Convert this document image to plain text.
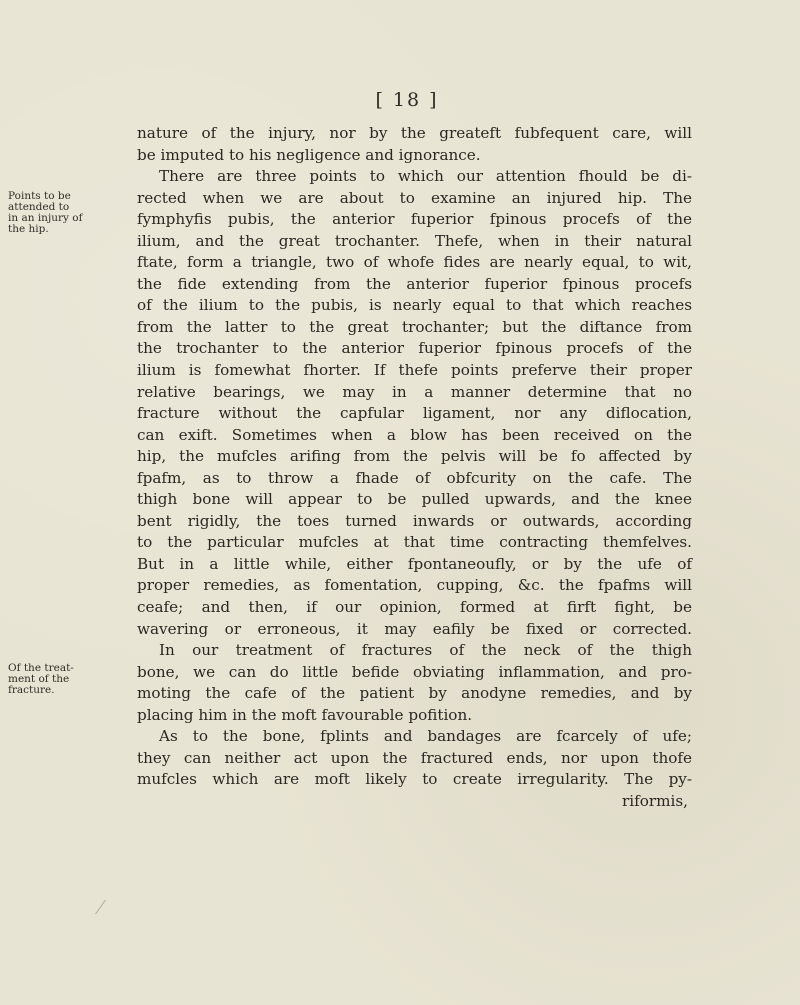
[ 18 ]
Points to be
attended to
in an injury of
the hip.
Of the treat-
ment of the
fracture.
nature of the injury, nor by the greateft fubfequent care, will
be imputed to his negligence and ignorance.
There are three points to which our attention fhould be di-
rected when we are about to examine an injured hip. The
fymphyfis pubis, the anterior fuperior fpinous procefs of the
ilium, and the great trochanter. Thefe, when in their natural
ftate, form a triangle, two of whofe fides are nearly equal, to wit,
the fide extending from the anterior fuperior fpinous procefs
of the ilium to the pubis, is nearly equal to that which reaches
from the latter to the great trochanter; but the diftance from
the trochanter to the anterior fuperior fpinous procefs of the
ilium is fomewhat fhorter. If thefe points preferve their proper
relative bearings, we may in a manner determine that no
fracture without the capfular ligament, nor any diflocation,
can exift. Sometimes when a blow has been received on the
hip, the mufcles arifing from the pelvis will be fo affected by
fpafm, as to throw a fhade of obfcurity on the cafe. The
thigh bone will appear to be pulled upwards, and the knee
bent rigidly, the toes turned inwards or outwards, according
to the particular mufcles at that time contracting themfelves.
But in a little while, either fpontaneoufly, or by the ufe of
proper remedies, as fomentation, cupping, &c. the fpafms will
ceafe; and then, if our opinion, formed at firft fight, be
wavering or erroneous, it may eafily be fixed or corrected.
In our treatment of fractures of the neck of the thigh
bone, we can do little befide obviating inflammation, and pro-
moting the cafe of the patient by anodyne remedies, and by
placing him in the moft favourable pofition.
As to the bone, fplints and bandages are fcarcely of ufe;
they can neither act upon the fractured ends, nor upon thofe
mufcles which are moft likely to create irregularity. The py-
riformis,
